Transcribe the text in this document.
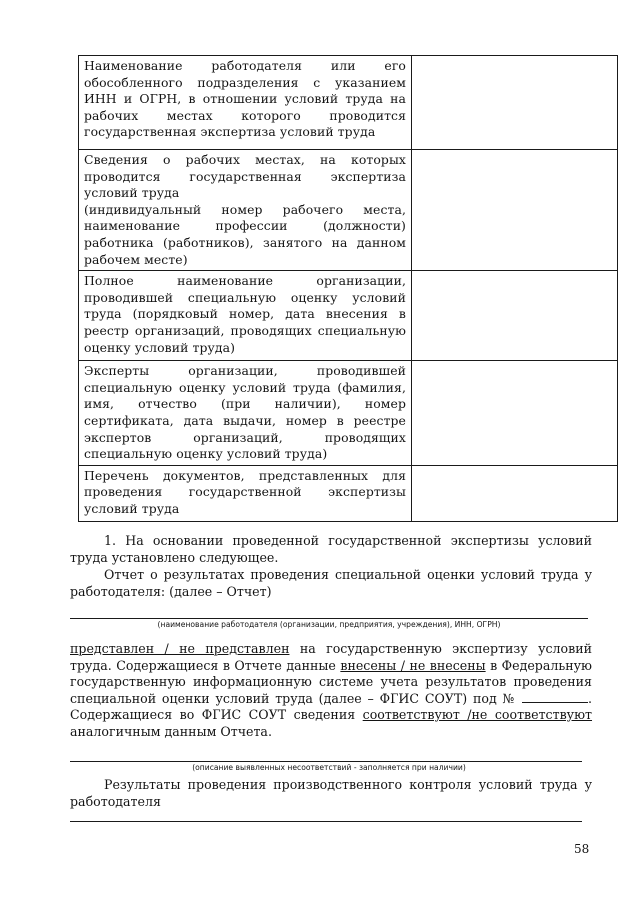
Наименование работодателя или его обособленного подразделения с указанием ИНН и ОГРН, в отношении условий труда на рабочих местах которого проводится государственная экспертиза условий труда	

Сведения о рабочих местах, на которых проводится государственная экспертиза условий труда
(индивидуальный номер рабочего места, наименование профессии (должности) работника (работников), занятого на данном рабочем месте)	

Полное наименование организации, проводившей специальную оценку условий труда (порядковый номер, дата внесения в реестр организаций, проводящих специальную оценку условий труда)	
Эксперты организации, проводившей специальную оценку условий труда (фамилия, имя, отчество (при наличии), номер сертификата, дата выдачи, номер в реестре экспертов организаций, проводящих специальную оценку условий труда)	
Перечень документов, представленных для проведения государственной экспертизы условий труда	
1. На основании проведенной государственной экспертизы условий труда установлено следующее.
Отчет о результатах проведения специальной оценки условий труда у работодателя: (далее – Отчет)
(наименование работодателя (организации, предприятия, учреждения), ИНН, ОГРН)
представлен / не представлен на государственную экспертизу условий труда. Содержащиеся в Отчете данные внесены / не внесены в Федеральную государственную информационную системе учета результатов проведения специальной оценки условий труда (далее – ФГИС СОУТ) под №	. Содержащиеся во ФГИС СОУТ сведения соответствуют /не соответствуют аналогичным данным Отчета.
(описание выявленных несоответствий - заполняется при наличии)
Результаты проведения производственного контроля условий труда у работодателя
58
